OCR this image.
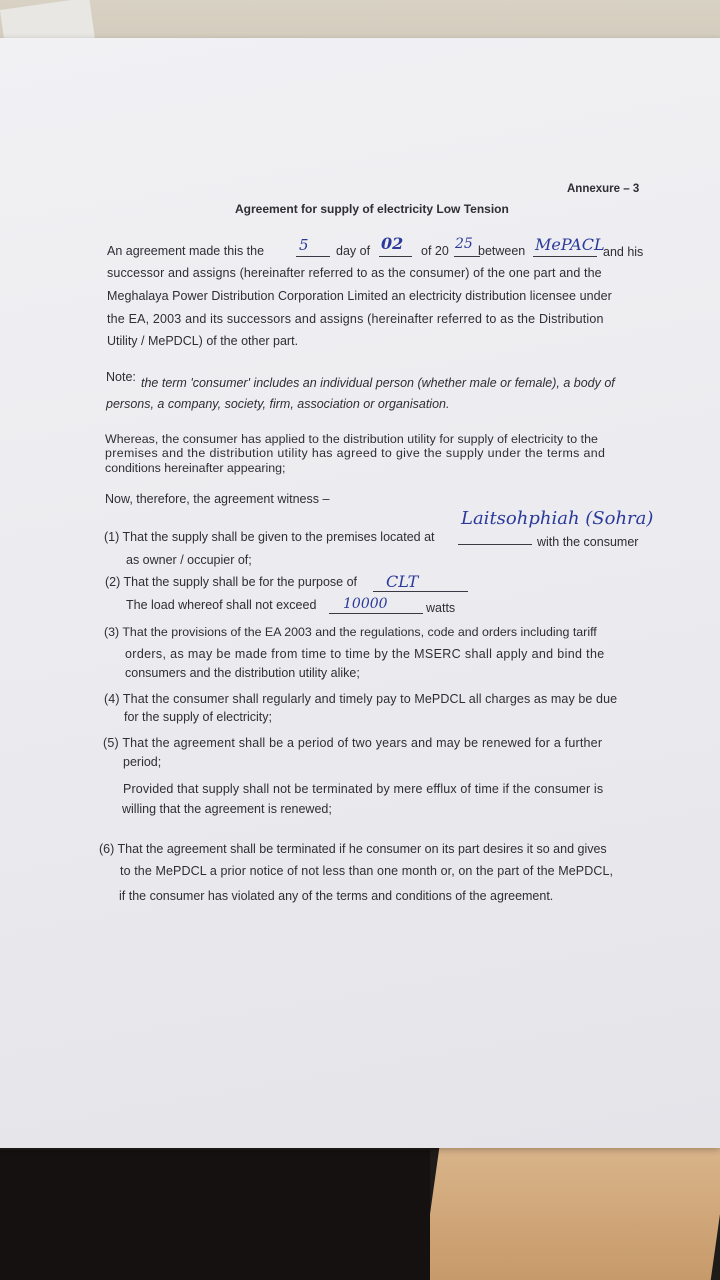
Annexure – 3

Agreement for supply of electricity Low Tension

An agreement made this the 5 day of 02 of 20 25 between MePACL

and his

successor and assigns (hereinafter referred to as the consumer) of the one part and the

Meghalaya Power Distribution Corporation Limited an electricity distribution licensee under

the EA, 2003 and its successors and assigns (hereinafter referred to as the Distribution

Utility / MePDCL) of the other part.

Note: the term 'consumer' includes an individual person (whether male or female), a body of

persons, a company, society, firm, association or organisation.

Whereas, the consumer has applied to the distribution utility for supply of electricity to the

premises and the distribution utility has agreed to give the supply under the terms and

conditions hereinafter appearing;

Now, therefore, the agreement witness –

(1) That the supply shall be given to the premises located at

Laitsohphiah (Sohra)

with the consumer

as owner / occupier of;

(2) That the supply shall be for the purpose of CLT

The load whereof shall not exceed 10000	watts

(3) That the provisions of the EA 2003 and the regulations, code and orders including tariff

orders, as may be made from time to time by the MSERC shall apply and bind the

consumers and the distribution utility alike;

(4) That the consumer shall regularly and timely pay to MePDCL all charges as may be due

for the supply of electricity;

(5) That the agreement shall be a period of two years and may be renewed for a further

period;

Provided that supply shall not be terminated by mere efflux of time if the consumer is

willing that the agreement is renewed;

(6) That the agreement shall be terminated if he consumer on its part desires it so and gives

to the MePDCL a prior notice of not less than one month or, on the part of the MePDCL,

if the consumer has violated any of the terms and conditions of the agreement.
